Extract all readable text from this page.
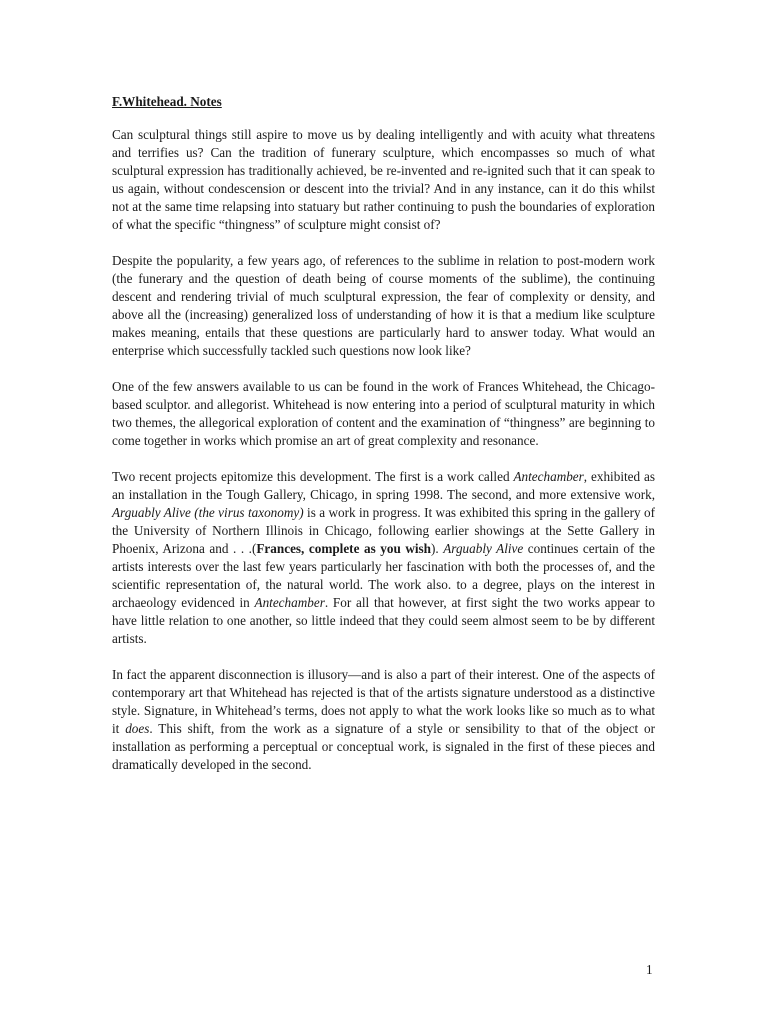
F.Whitehead. Notes

Can sculptural things still aspire to move us by dealing intelligently and with acuity what threatens and terrifies us? Can the tradition of funerary sculpture, which encompasses so much of what sculptural expression has traditionally achieved, be re-invented and re-ignited such that it can speak to us again, without condescension or descent into the trivial? And in any instance, can it do this whilst not at the same time relapsing into statuary but rather continuing to push the boundaries of exploration of what the specific “thingness” of sculpture might consist of?

Despite the popularity, a few years ago, of references to the sublime in relation to post-modern work (the funerary and the question of death being of course moments of the sublime), the continuing descent and rendering trivial of much sculptural expression, the fear of complexity or density, and above all the (increasing) generalized loss of understanding of how it is that a medium like sculpture makes meaning, entails that these questions are particularly hard to answer today. What would an enterprise which successfully tackled such questions now look like?

One of the few answers available to us can be found in the work of Frances Whitehead, the Chicago-based sculptor. and allegorist. Whitehead is now entering into a period of sculptural maturity in which two themes, the allegorical exploration of content and the examination of “thingness” are beginning to come together in works which promise an art of great complexity and resonance.

Two recent projects epitomize this development. The first is a work called Antechamber, exhibited as an installation in the Tough Gallery, Chicago, in spring 1998. The second, and more extensive work, Arguably Alive (the virus taxonomy) is a work in progress. It was exhibited this spring in the gallery of the University of Northern Illinois in Chicago, following earlier showings at the Sette Gallery in Phoenix, Arizona and . . .(Frances, complete as you wish). Arguably Alive continues certain of the artists interests over the last few years particularly her fascination with both the processes of, and the scientific representation of, the natural world. The work also. to a degree, plays on the interest in archaeology evidenced in Antechamber. For all that however, at first sight the two works appear to have little relation to one another, so little indeed that they could seem almost seem to be by different artists.

In fact the apparent disconnection is illusory—and is also a part of their interest. One of the aspects of contemporary art that Whitehead has rejected is that of the artists signature understood as a distinctive style. Signature, in Whitehead’s terms, does not apply to what the work looks like so much as to what it does. This shift, from the work as a signature of a style or sensibility to that of the object or installation as performing a perceptual or conceptual work, is signaled in the first of these pieces and dramatically developed in the second.

1
